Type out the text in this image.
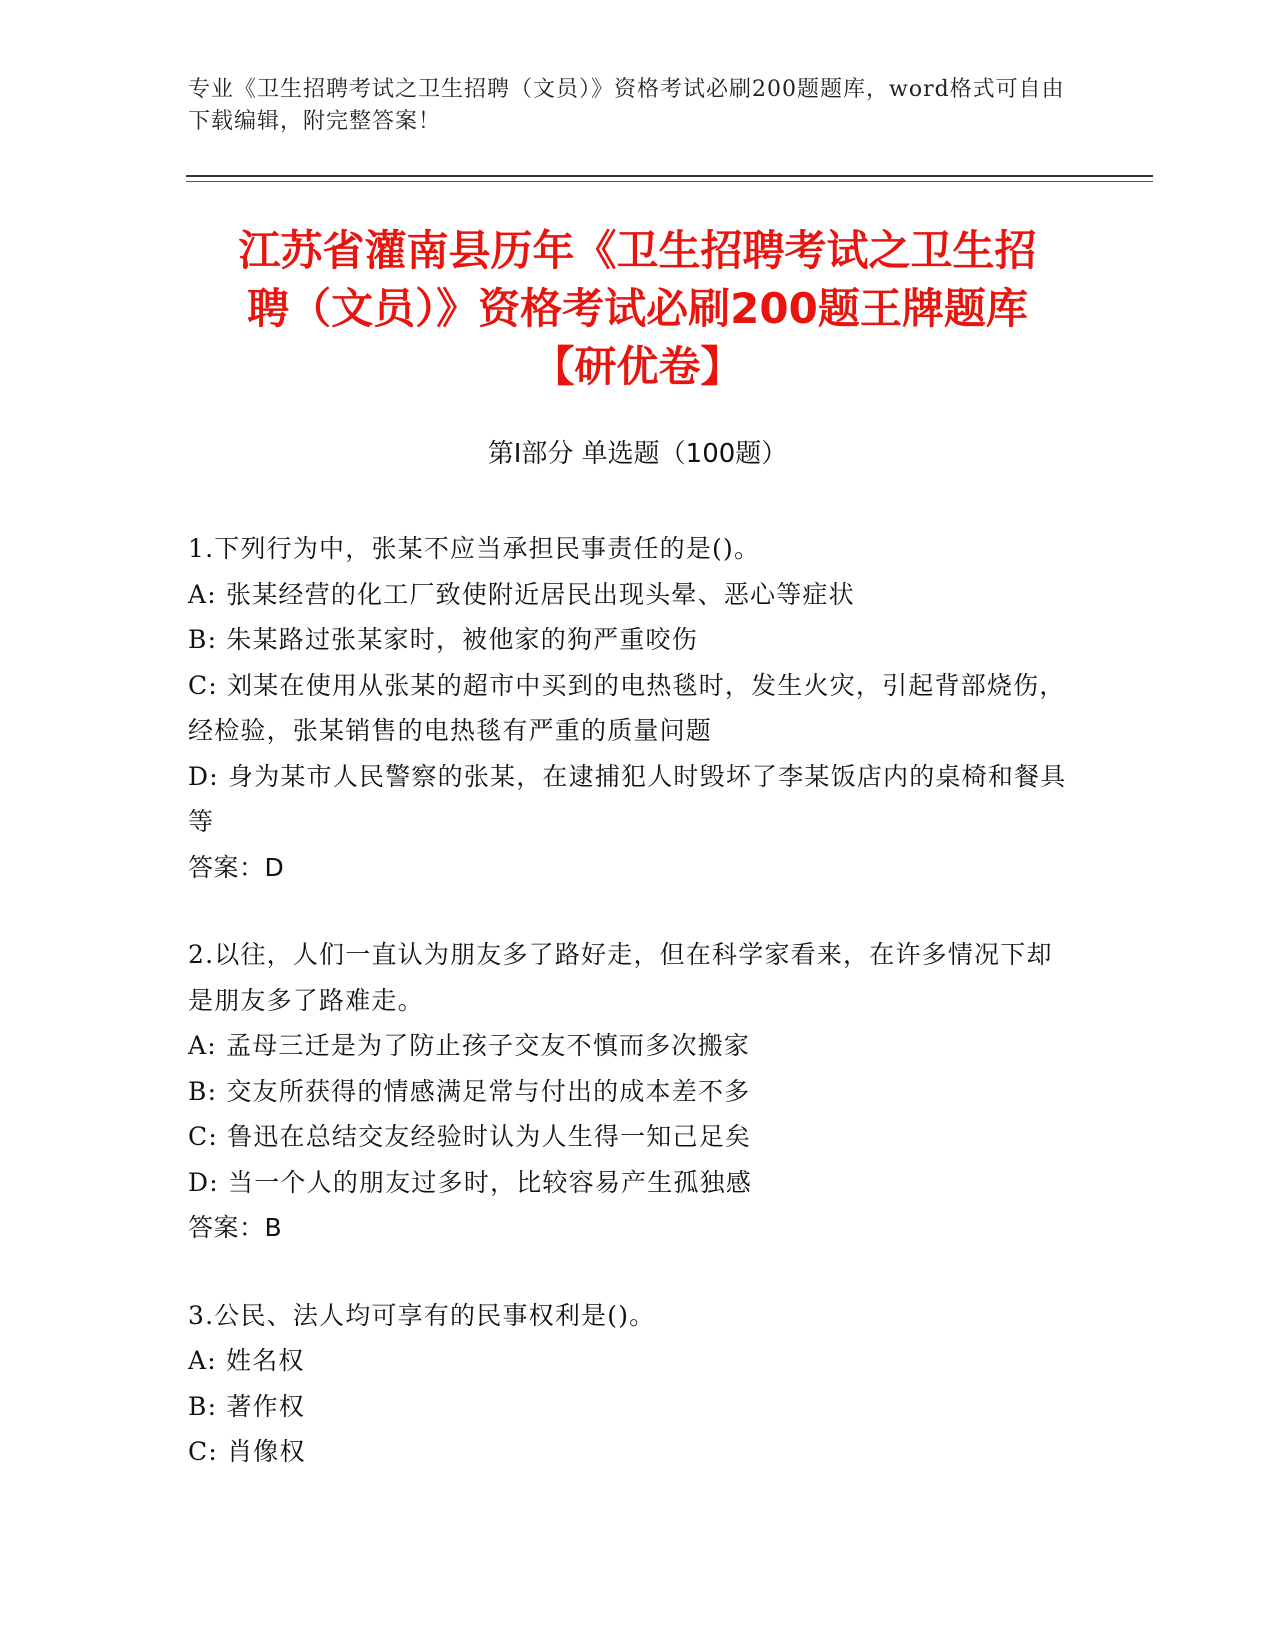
专业《卫生招聘考试之卫生招聘（文员）》资格考试必刷200题题库，word格式可自由下载编辑，附完整答案！
江苏省灌南县历年《卫生招聘考试之卫生招
聘（文员）》资格考试必刷200题王牌题库
【研优卷】
第I部分 单选题（100题）
1.下列行为中，张某不应当承担民事责任的是()。
A: 张某经营的化工厂致使附近居民出现头晕、恶心等症状
B: 朱某路过张某家时，被他家的狗严重咬伤
C: 刘某在使用从张某的超市中买到的电热毯时，发生火灾，引起背部烧伤，经检验，张某销售的电热毯有严重的质量问题
D: 身为某市人民警察的张某，在逮捕犯人时毁坏了李某饭店内的桌椅和餐具等
答案：D
2.以往，人们一直认为朋友多了路好走，但在科学家看来，在许多情况下却是朋友多了路难走。
A: 孟母三迁是为了防止孩子交友不慎而多次搬家
B: 交友所获得的情感满足常与付出的成本差不多
C: 鲁迅在总结交友经验时认为人生得一知己足矣
D: 当一个人的朋友过多时，比较容易产生孤独感
答案：B
3.公民、法人均可享有的民事权利是()。
A: 姓名权
B: 著作权
C: 肖像权
